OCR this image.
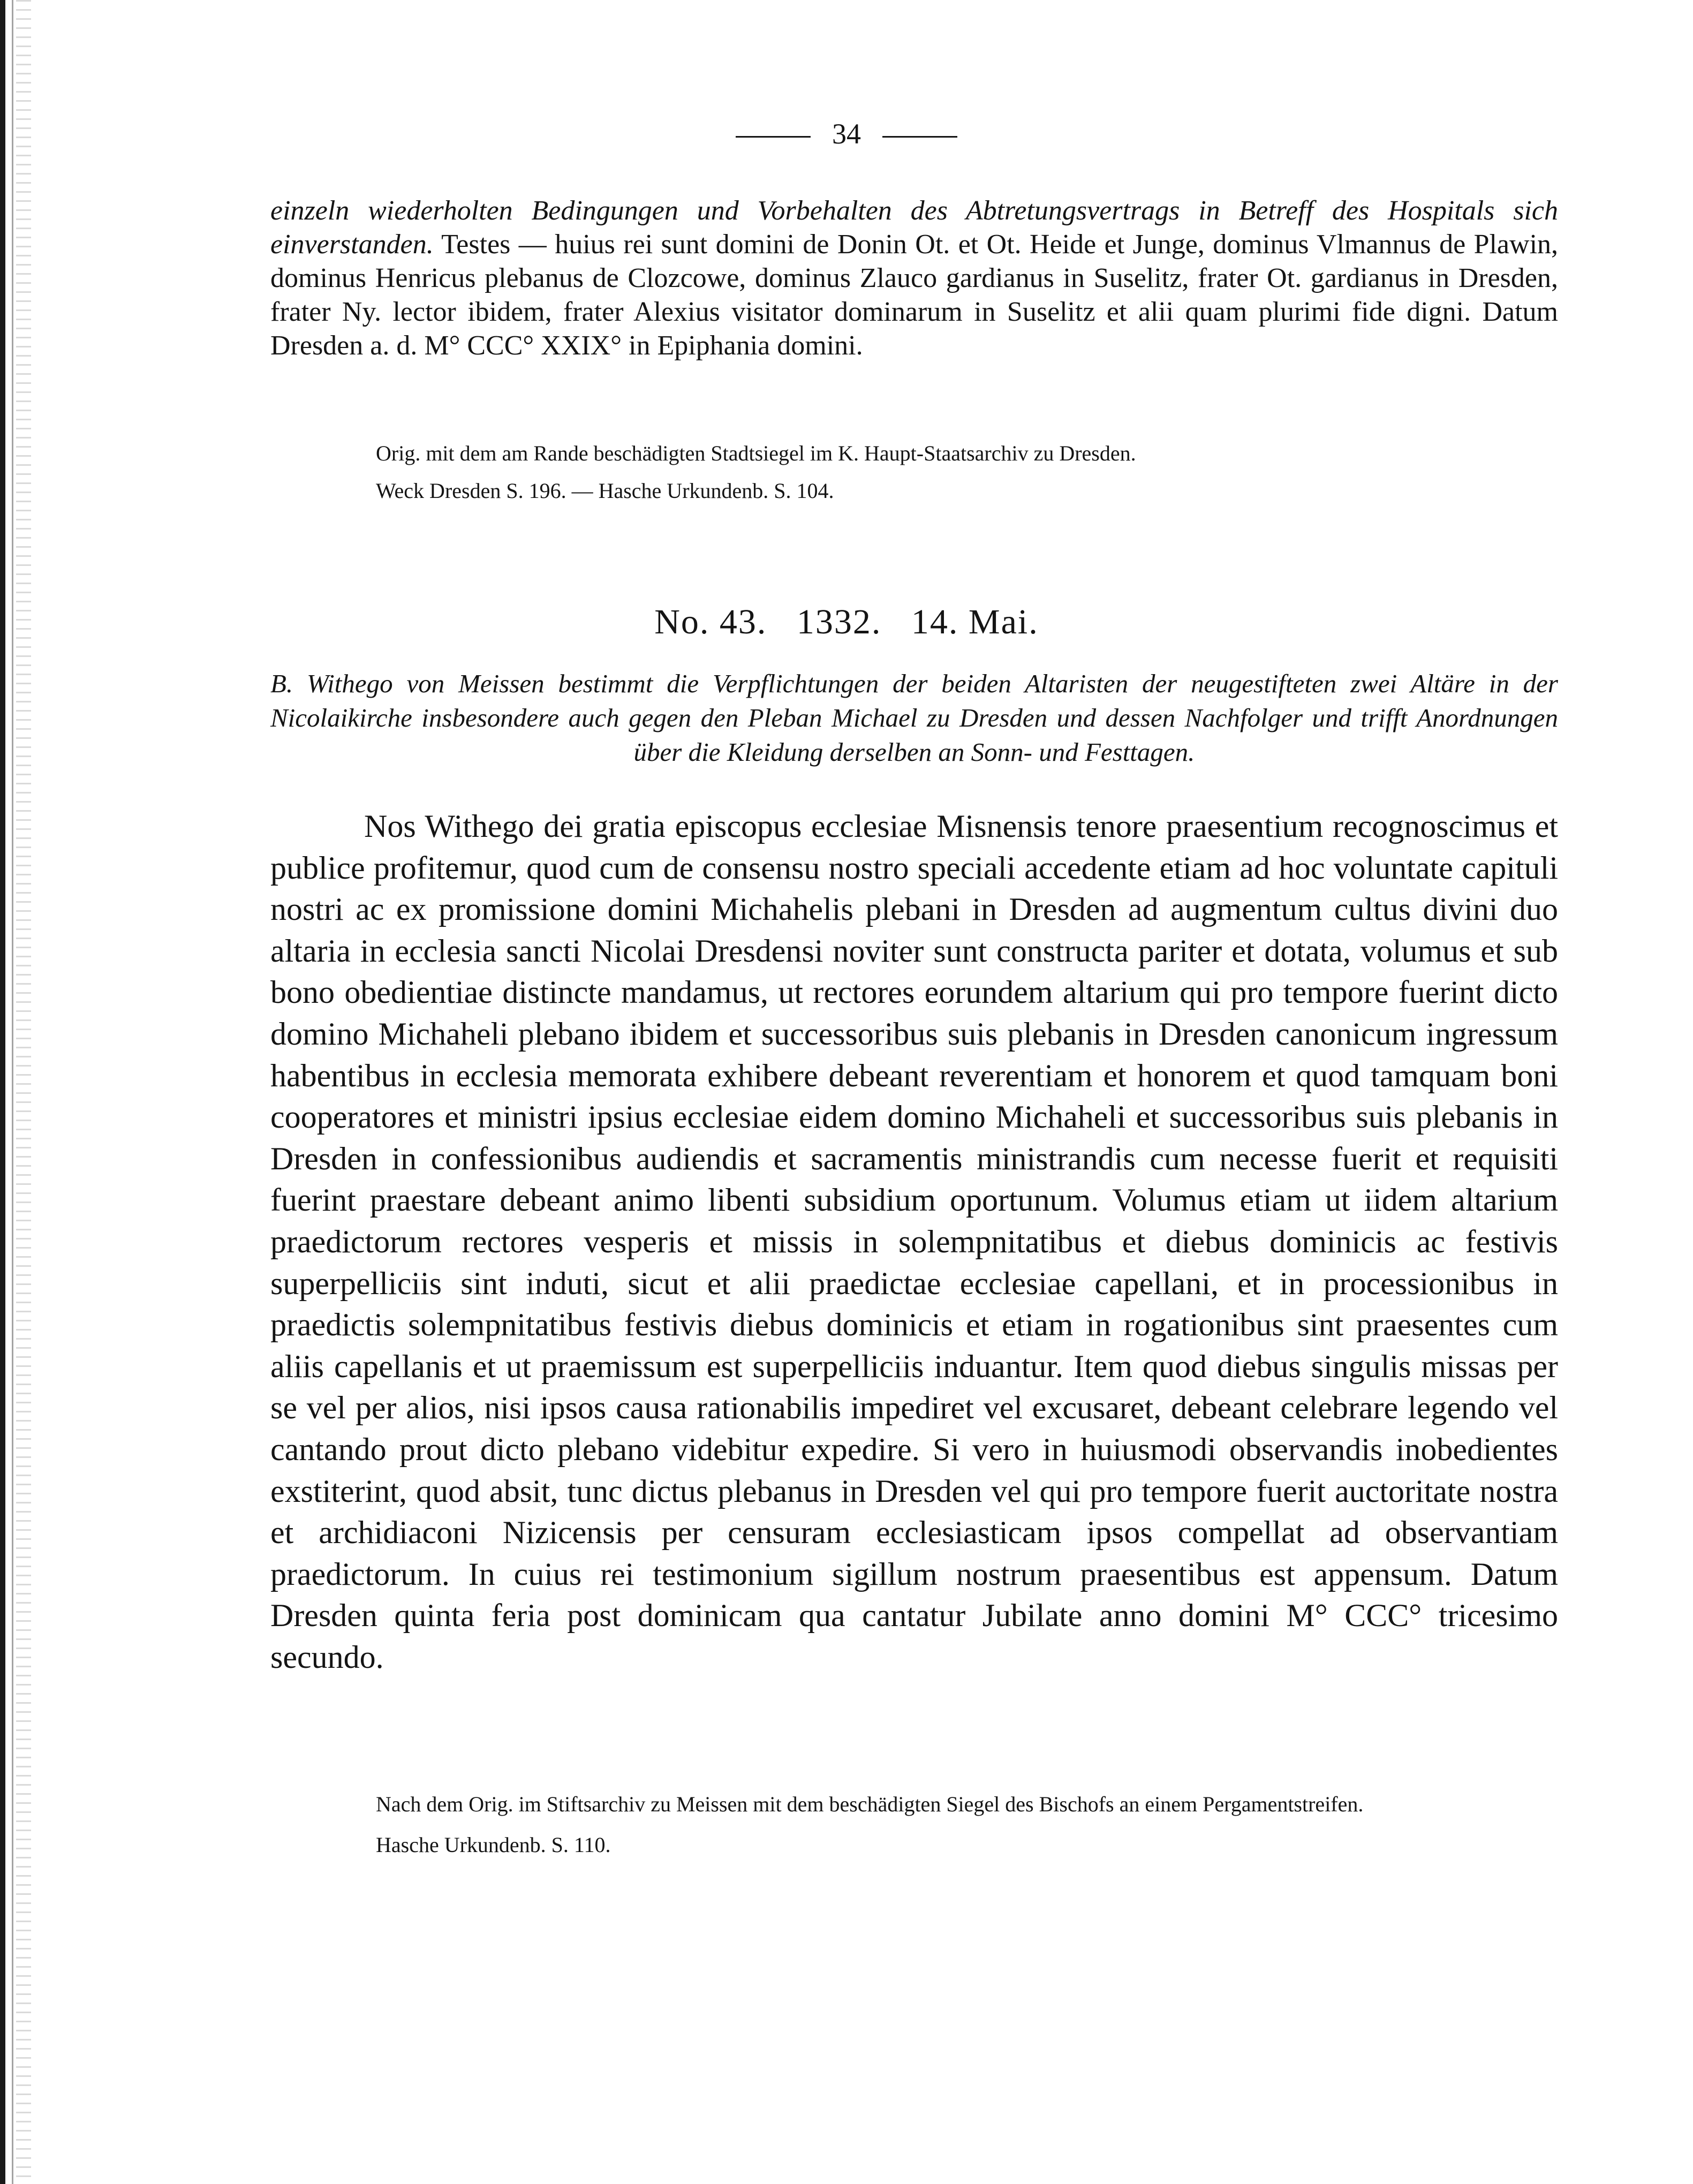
34
einzeln wiederholten Bedingungen und Vorbehalten des Abtretungsvertrags in Betreff des Hospitals sich einverstanden. Testes — huius rei sunt domini de Donin Ot. et Ot. Heide et Junge, dominus Vlmannus de Plawin, dominus Henricus plebanus de Clozcowe, dominus Zlauco gardianus in Suselitz, frater Ot. gardianus in Dresden, frater Ny. lector ibidem, frater Alexius visitator dominarum in Suselitz et alii quam plurimi fide digni. Datum Dresden a. d. M° CCC° XXIX° in Epiphania domini.
Orig. mit dem am Rande beschädigten Stadtsiegel im K. Haupt-Staatsarchiv zu Dresden.
Weck Dresden S. 196. — Hasche Urkundenb. S. 104.
No. 43.   1332.   14. Mai.
B. Withego von Meissen bestimmt die Verpflichtungen der beiden Altaristen der neugestifteten zwei Altäre in der Nicolaikirche insbesondere auch gegen den Pleban Michael zu Dresden und dessen Nachfolger und trifft Anordnungen über die Kleidung derselben an Sonn- und Festtagen.
Nos Withego dei gratia episcopus ecclesiae Misnensis tenore praesentium recognoscimus et publice profitemur, quod cum de consensu nostro speciali accedente etiam ad hoc voluntate capituli nostri ac ex promissione domini Michahelis plebani in Dresden ad augmentum cultus divini duo altaria in ecclesia sancti Nicolai Dresdensi noviter sunt constructa pariter et dotata, volumus et sub bono obedientiae distincte mandamus, ut rectores eorundem altarium qui pro tempore fuerint dicto domino Michaheli plebano ibidem et successoribus suis plebanis in Dresden canonicum ingressum habentibus in ecclesia memorata exhibere debeant reverentiam et honorem et quod tamquam boni cooperatores et ministri ipsius ecclesiae eidem domino Michaheli et successoribus suis plebanis in Dresden in confessionibus audiendis et sacramentis ministrandis cum necesse fuerit et requisiti fuerint praestare debeant animo libenti subsidium oportunum. Volumus etiam ut iidem altarium praedictorum rectores vesperis et missis in solempnitatibus et diebus dominicis ac festivis superpelliciis sint induti, sicut et alii praedictae ecclesiae capellani, et in processionibus in praedictis solempnitatibus festivis diebus dominicis et etiam in rogationibus sint praesentes cum aliis capellanis et ut praemissum est superpelliciis induantur. Item quod diebus singulis missas per se vel per alios, nisi ipsos causa rationabilis impediret vel excusaret, debeant celebrare legendo vel cantando prout dicto plebano videbitur expedire. Si vero in huiusmodi observandis inobedientes exstiterint, quod absit, tunc dictus plebanus in Dresden vel qui pro tempore fuerit auctoritate nostra et archidiaconi Nizicensis per censuram ecclesiasticam ipsos compellat ad observantiam praedictorum. In cuius rei testimonium sigillum nostrum praesentibus est appensum. Datum Dresden quinta feria post dominicam qua cantatur Jubilate anno domini M° CCC° tricesimo secundo.
Nach dem Orig. im Stiftsarchiv zu Meissen mit dem beschädigten Siegel des Bischofs an einem Pergamentstreifen.
Hasche Urkundenb. S. 110.
